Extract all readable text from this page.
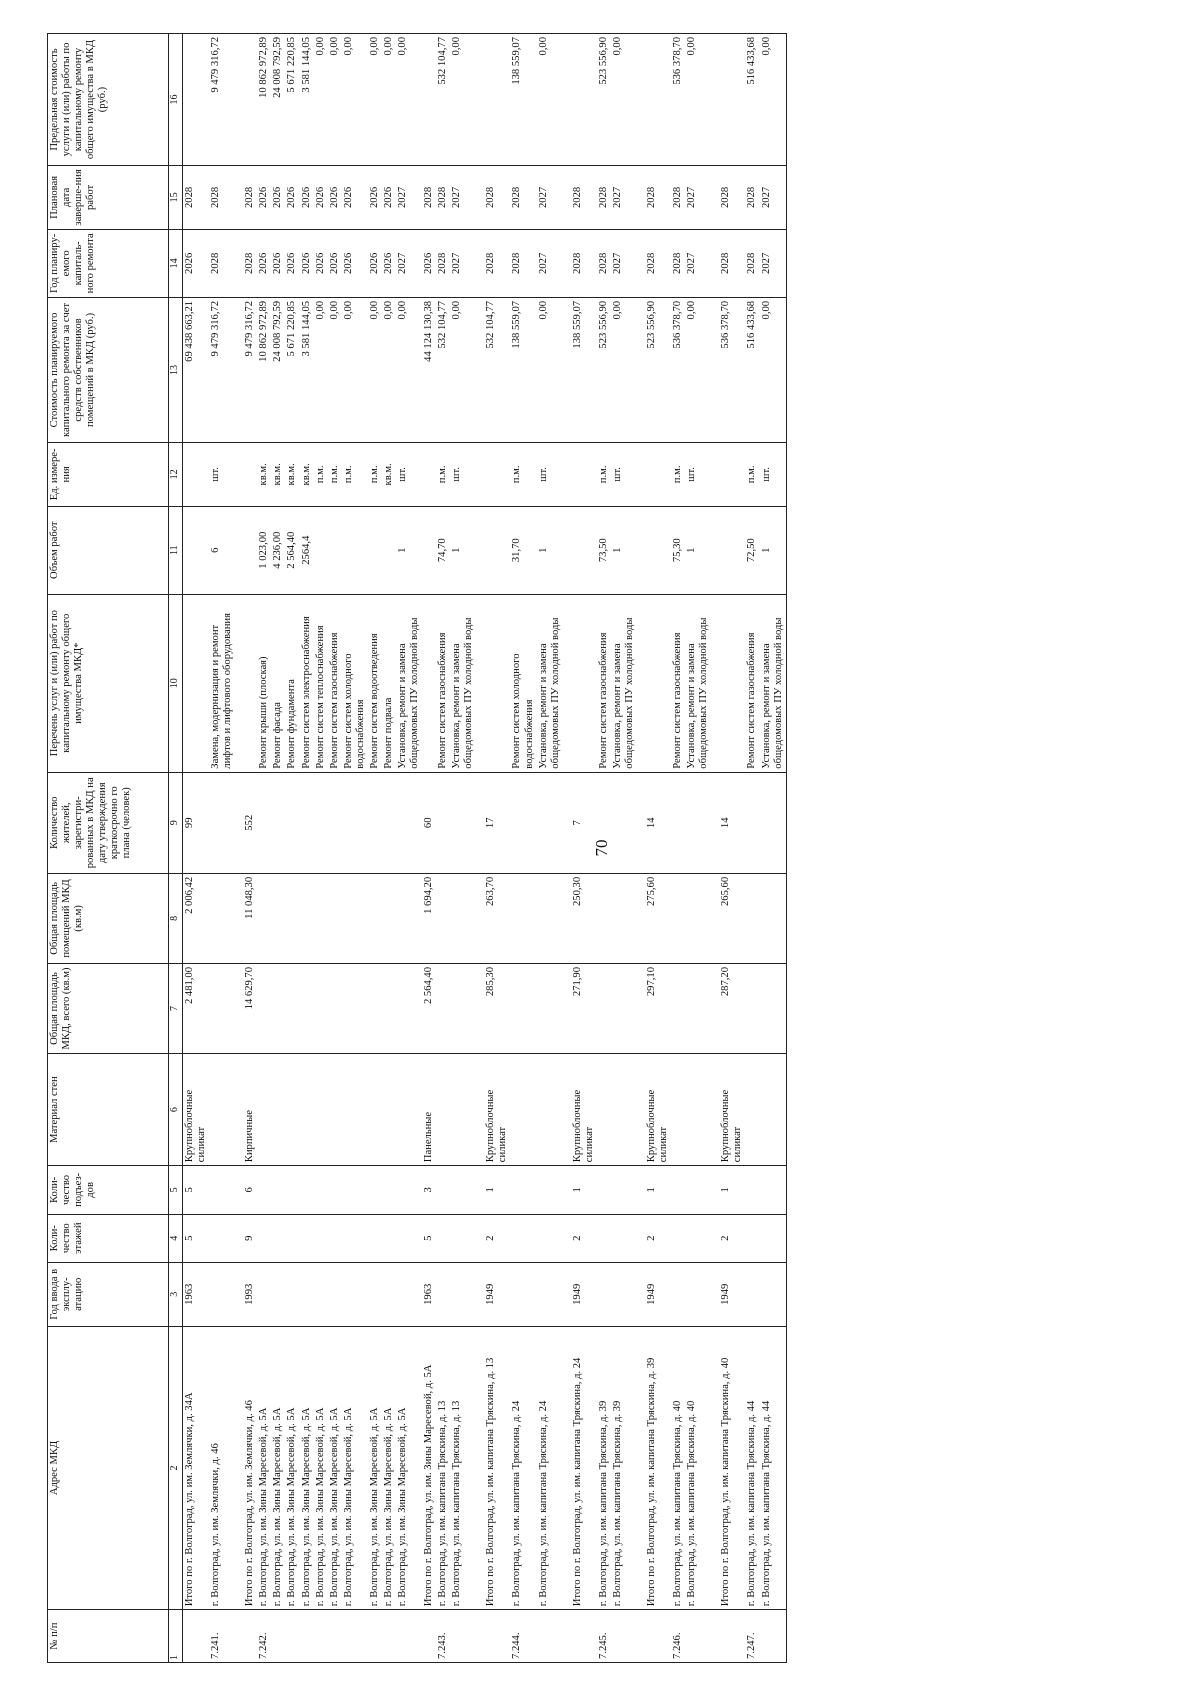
70
№ п/п	Адрес МКД	Год ввода в эксплу-атацию	Коли-чество этажей	Коли-чество подъез-дов	Материал стен	Общая площадь МКД, всего (кв.м)	Общая площадь помещений МКД (кв.м)	Количество жителей, зарегистри-рованных в МКД на дату утверждения краткосрочно го плана (человек)	Перечень услуг и (или) работ по капитальному ремонту общего имущества МКД*	Объем работ	Ед. измере-ния	Стоимость планируемого капитального ремонта за счет средств собственников помещений в МКД (руб.)	Год планиру-емого капиталь-ного ремонта	Плановая дата заверше-ния работ	Предельная стоимость услуги и (или) работы по капитальному ремонту общего имущества в МКД (руб.)
1	2	3	4	5	6	7	8	9	10	11	12	13	14	15	16
	Итого по г. Волгоград, ул. им. Землячки, д. 34А	1963	5	5	Крупноблочные силикат	2 481,00	2 006,42	99				69 438 663,21	2026	2028	
7.241.	г. Волгоград, ул. им. Землячки, д. 46								Замена, модернизация и ремонт лифтов и лифтового оборудования	6	шт.	9 479 316,72	2028	2028	9 479 316,72

	Итого по г. Волгоград, ул. им. Землячки, д. 46	1993	9	6	Кирпичные	14 629,70	11 048,30	552				9 479 316,72	2028	2028	
7.242.	г. Волгоград, ул. им. Зины Маресевой, д. 5А								Ремонт крыши (плоская)	1 023,00	кв.м.	10 862 972,89	2026	2026	10 862 972,89
	г. Волгоград, ул. им. Зины Маресевой, д. 5А								Ремонт фасада	4 236,00	кв.м.	24 008 792,59	2026	2026	24 008 792,59
	г. Волгоград, ул. им. Зины Маресевой, д. 5А								Ремонт фундамента	2 564,40	кв.м.	5 671 220,85	2026	2026	5 671 220,85
	г. Волгоград, ул. им. Зины Маресевой, д. 5А								Ремонт систем электроснабжения	2564,4	кв.м.	3 581 144,05	2026	2026	3 581 144,05
	г. Волгоград, ул. им. Зины Маресевой, д. 5А								Ремонт систем теплоснабжения		п.м.	0,00	2026	2026	0,00
	г. Волгоград, ул. им. Зины Маресевой, д. 5А								Ремонт систем газоснабжения		п.м.	0,00	2026	2026	0,00
	г. Волгоград, ул. им. Зины Маресевой, д. 5А								Ремонт систем холодного водоснабжения		п.м.	0,00	2026	2026	0,00
	г. Волгоград, ул. им. Зины Маресевой, д. 5А								Ремонт систем водоотведения		п.м.	0,00	2026	2026	0,00
	г. Волгоград, ул. им. Зины Маресевой, д. 5А								Ремонт подвала		кв.м.	0,00	2026	2026	0,00
	г. Волгоград, ул. им. Зины Маресевой, д. 5А								Установка, ремонт и замена общедомовых ПУ холодной воды	1	шт.	0,00	2027	2027	0,00
	Итого по г. Волгоград, ул. им. Зины Маресевой, д. 5А	1963	5	3	Панельные	2 564,40	1 694,20	60				44 124 130,38	2026	2028	
7.243.	г. Волгоград, ул. им. капитана Тряскина, д. 13								Ремонт систем газоснабжения	74,70	п.м.	532 104,77	2028	2028	532 104,77
	г. Волгоград, ул. им. капитана Тряскина, д. 13								Установка, ремонт и замена общедомовых ПУ холодной воды	1	шт.	0,00	2027	2027	0,00

	Итого по г. Волгоград, ул. им. капитана Тряскина, д. 13	1949	2	1	Крупноблочные силикат	285,30	263,70	17				532 104,77	2028	2028	
7.244.	г. Волгоград, ул. им. капитана Тряскина, д. 24								Ремонт систем холодного водоснабжения	31,70	п.м.	138 559,07	2028	2028	138 559,07
	г. Волгоград, ул. им. капитана Тряскина, д. 24								Установка, ремонт и замена общедомовых ПУ холодной воды	1	шт.	0,00	2027	2027	0,00

	Итого по г. Волгоград, ул. им. капитана Тряскина, д. 24	1949	2	1	Крупноблочные силикат	271,90	250,30	7				138 559,07	2028	2028	
7.245.	г. Волгоград, ул. им. капитана Тряскина, д. 39								Ремонт систем газоснабжения	73,50	п.м.	523 556,90	2028	2028	523 556,90
	г. Волгоград, ул. им. капитана Тряскина, д. 39								Установка, ремонт и замена общедомовых ПУ холодной воды	1	шт.	0,00	2027	2027	0,00

	Итого по г. Волгоград, ул. им. капитана Тряскина, д. 39	1949	2	1	Крупноблочные силикат	297,10	275,60	14				523 556,90	2028	2028	
7.246.	г. Волгоград, ул. им. капитана Тряскина, д. 40								Ремонт систем газоснабжения	75,30	п.м.	536 378,70	2028	2028	536 378,70
	г. Волгоград, ул. им. капитана Тряскина, д. 40								Установка, ремонт и замена общедомовых ПУ холодной воды	1	шт.	0,00	2027	2027	0,00

	Итого по г. Волгоград, ул. им. капитана Тряскина, д. 40	1949	2	1	Крупноблочные силикат	287,20	265,60	14				536 378,70	2028	2028	
7.247.	г. Волгоград, ул. им. капитана Тряскина, д. 44								Ремонт систем газоснабжения	72,50	п.м.	516 433,68	2028	2028	516 433,68
	г. Волгоград, ул. им. капитана Тряскина, д. 44								Установка, ремонт и замена общедомовых ПУ холодной воды	1	шт.	0,00	2027	2027	0,00
